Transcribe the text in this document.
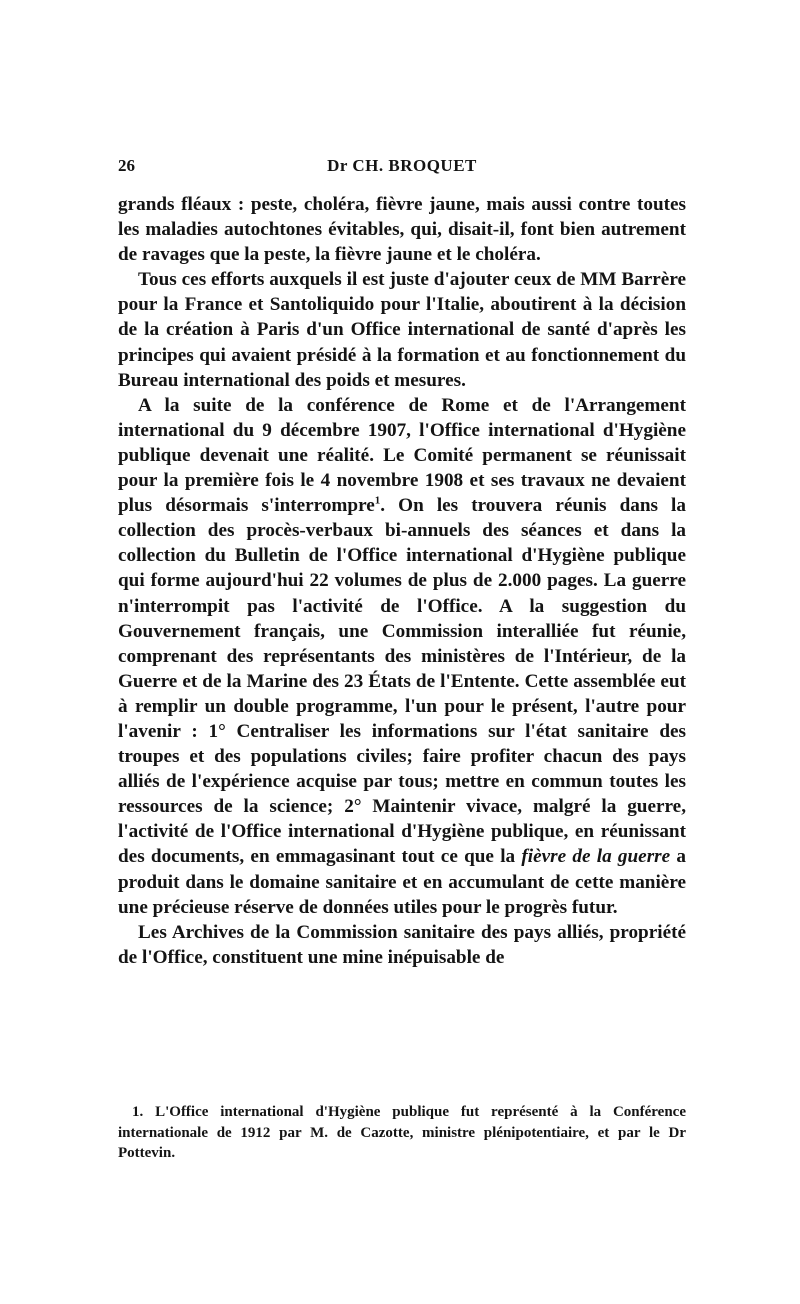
26	Dr CH. BROQUET

grands fléaux : peste, choléra, fièvre jaune, mais aussi contre toutes les maladies autochtones évitables, qui, disait-il, font bien autrement de ravages que la peste, la fièvre jaune et le choléra.

Tous ces efforts auxquels il est juste d'ajouter ceux de MM Barrère pour la France et Santoliquido pour l'Italie, aboutirent à la décision de la création à Paris d'un Office international de santé d'après les principes qui avaient présidé à la formation et au fonctionnement du Bureau international des poids et mesures.

A la suite de la conférence de Rome et de l'Arrangement international du 9 décembre 1907, l'Office international d'Hygiène publique devenait une réalité. Le Comité permanent se réunissait pour la première fois le 4 novembre 1908 et ses travaux ne devaient plus désormais s'interrompre$^1$. On les trouvera réunis dans la collection des procès-verbaux bi-annuels des séances et dans la collection du Bulletin de l'Office international d'Hygiène publique qui forme aujourd'hui 22 volumes de plus de 2.000 pages. La guerre n'interrompit pas l'activité de l'Office. A la suggestion du Gouvernement français, une Commission interalliée fut réunie, comprenant des représentants des ministères de l'Intérieur, de la Guerre et de la Marine des 23 États de l'Entente. Cette assemblée eut à remplir un double programme, l'un pour le présent, l'autre pour l'avenir : 1° Centraliser les informations sur l'état sanitaire des troupes et des populations civiles; faire profiter chacun des pays alliés de l'expérience acquise par tous; mettre en commun toutes les ressources de la science; 2° Maintenir vivace, malgré la guerre, l'activité de l'Office international d'Hygiène publique, en réunissant des documents, en emmagasinant tout ce que la fièvre de la guerre a produit dans le domaine sanitaire et en accumulant de cette manière une précieuse réserve de données utiles pour le progrès futur.

Les Archives de la Commission sanitaire des pays alliés, propriété de l'Office, constituent une mine inépuisable de

1. L'Office international d'Hygiène publique fut représenté à la Conférence internationale de 1912 par M. de Cazotte, ministre plénipotentiaire, et par le Dr Pottevin.
